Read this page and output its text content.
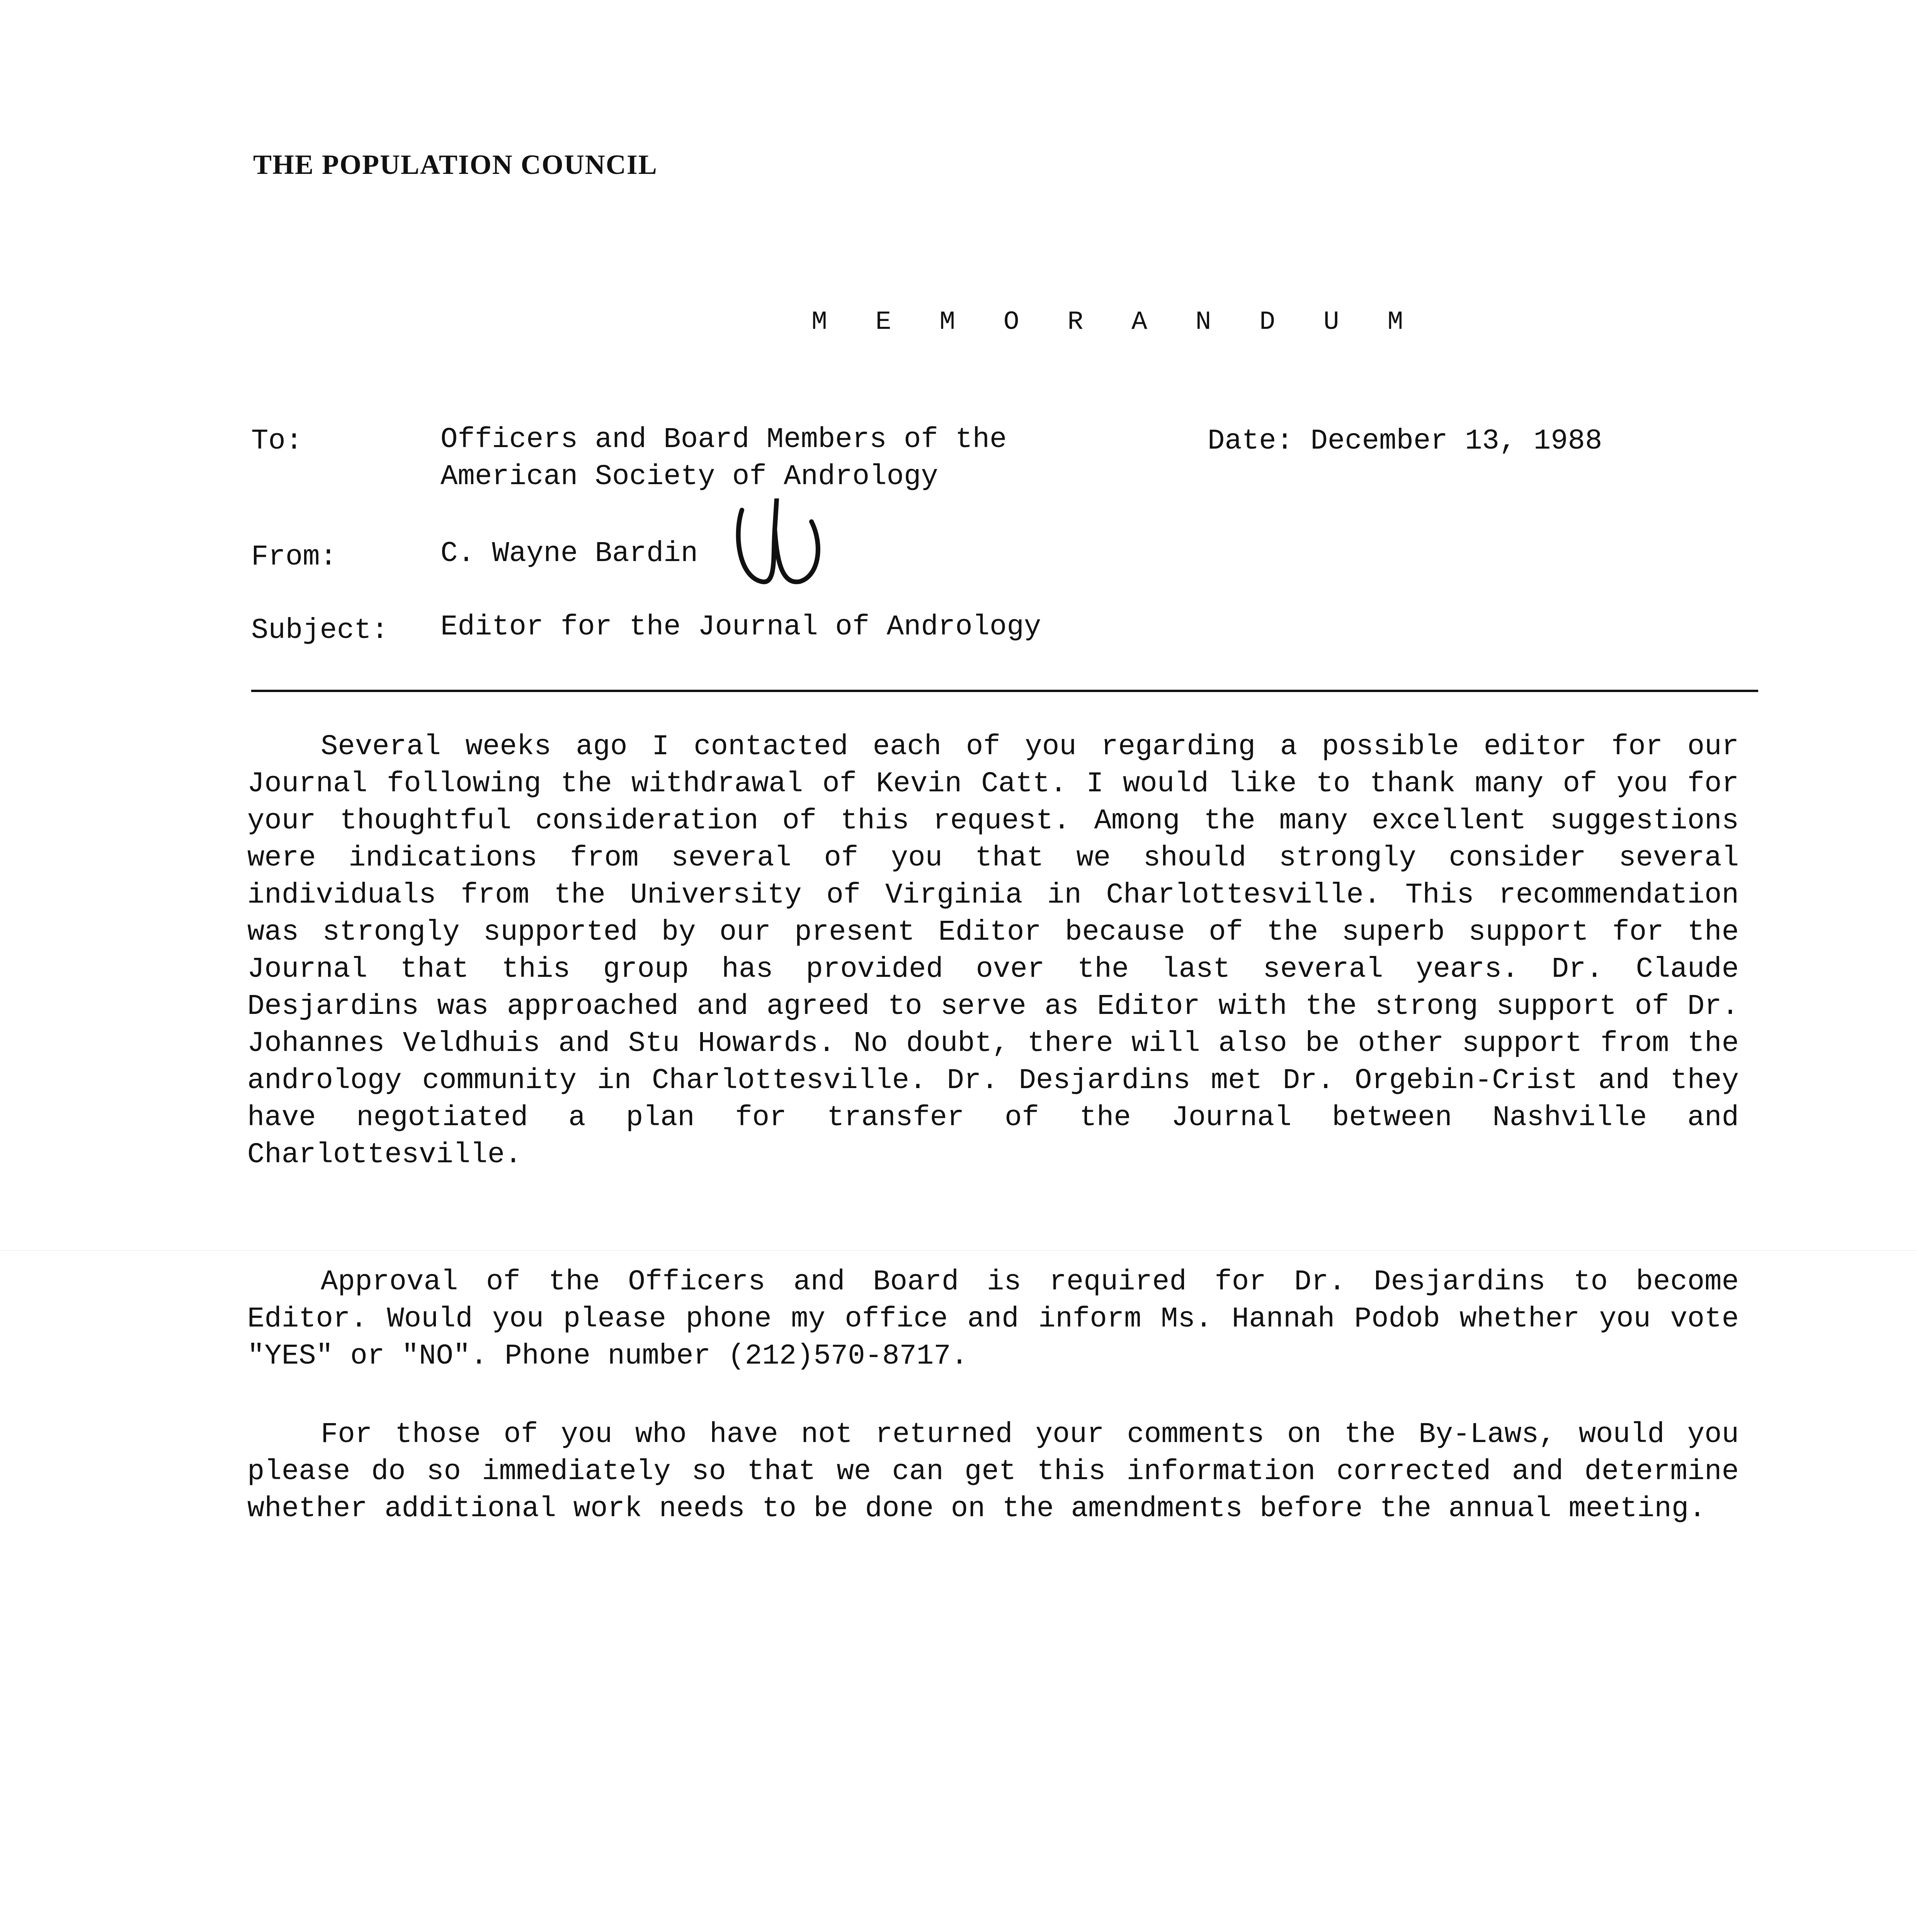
THE POPULATION COUNCIL

M E M O R A N D U M

To:	Officers and Board Members of the
American Society of Andrology

Date: December 13, 1988

From:	C. Wayne Bardin

Subject: Editor for the Journal of Andrology

Several weeks ago I contacted each of you regarding a possible editor for our Journal following the withdrawal of Kevin Catt. I would like to thank many of you for your thoughtful consideration of this request. Among the many excellent suggestions were indications from several of you that we should strongly consider several individuals from the University of Virginia in Charlottesville. This recommendation was strongly supported by our present Editor because of the superb support for the Journal that this group has provided over the last several years. Dr. Claude Desjardins was approached and agreed to serve as Editor with the strong support of Dr. Johannes Veldhuis and Stu Howards. No doubt, there will also be other support from the andrology community in Charlottesville. Dr. Desjardins met Dr. Orgebin-Crist and they have negotiated a plan for transfer of the Journal between Nashville and Charlottesville.

Approval of the Officers and Board is required for Dr. Desjardins to become Editor. Would you please phone my office and inform Ms. Hannah Podob whether you vote "YES" or "NO". Phone number (212)570-8717.

For those of you who have not returned your comments on the By-Laws, would you please do so immediately so that we can get this information corrected and determine whether additional work needs to be done on the amendments before the annual meeting.
